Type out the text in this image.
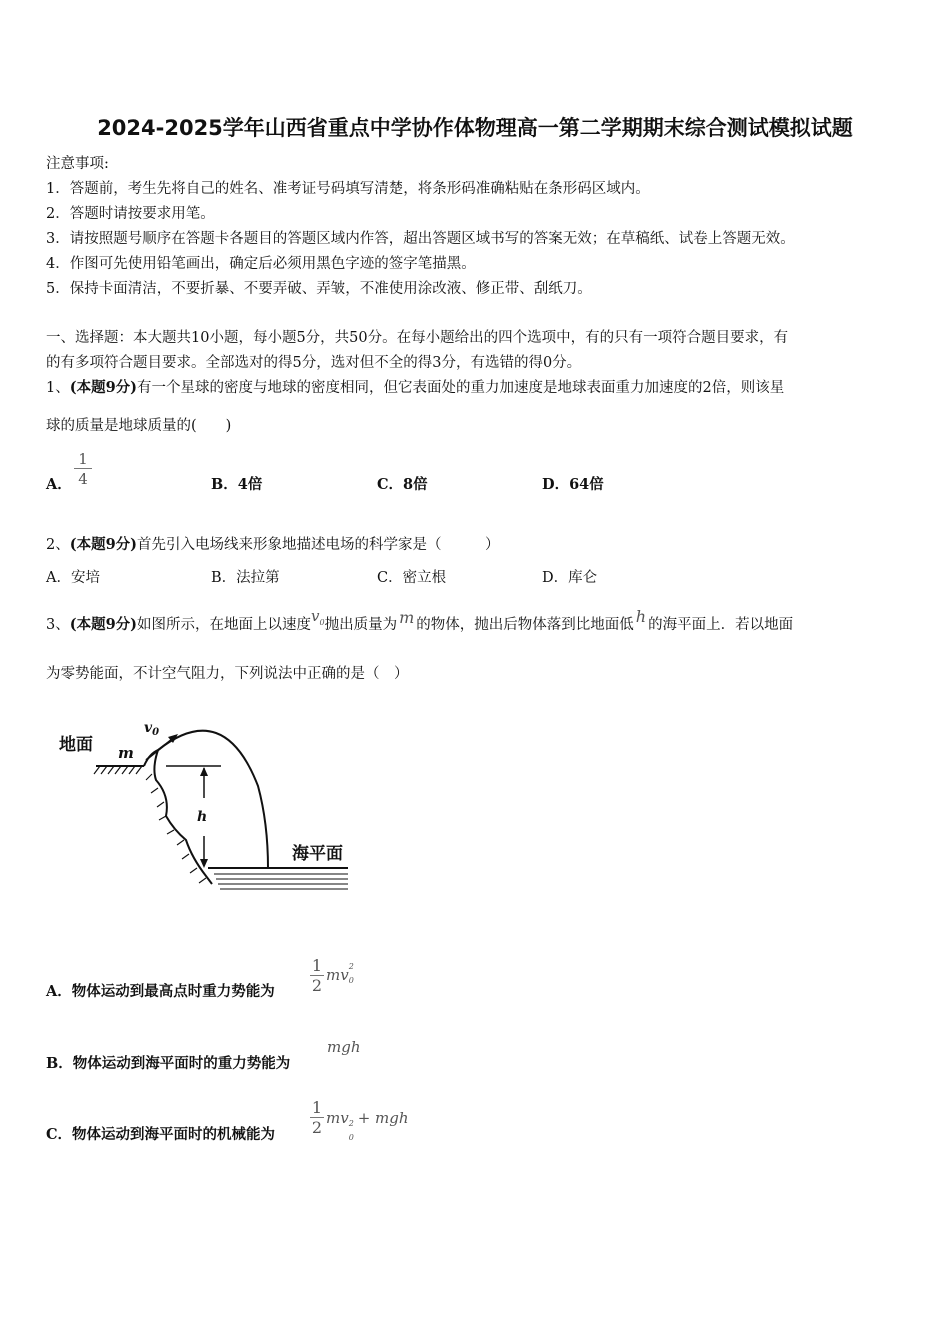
2024-2025学年山西省重点中学协作体物理高一第二学期期末综合测试模拟试题
注意事项:
1．答题前，考生先将自己的姓名、准考证号码填写清楚，将条形码准确粘贴在条形码区域内。
2．答题时请按要求用笔。
3．请按照题号顺序在答题卡各题目的答题区域内作答，超出答题区域书写的答案无效；在草稿纸、试卷上答题无效。
4．作图可先使用铅笔画出，确定后必须用黑色字迹的签字笔描黑。
5．保持卡面清洁，不要折暴、不要弄破、弄皱，不准使用涂改液、修正带、刮纸刀。
一、选择题：本大题共10小题，每小题5分，共50分。在每小题给出的四个选项中，有的只有一项符合题目要求，有
的有多项符合题目要求。全部选对的得5分，选对但不全的得3分，有选错的得0分。
1、(本题9分)有一个星球的密度与地球的密度相同，但它表面处的重力加速度是地球表面重力加速度的2倍，则该星
球的质量是地球质量的(　　)
A． $\frac{1}{4}$	B．4倍	C．8倍	D．64倍
2、(本题9分)首先引入电场线来形象地描述电场的科学家是（　　　）
A．安培	B．法拉第	C．密立根	D．库仑
3、(本题9分)如图所示，在地面上以速度$v_0$抛出质量为 m 的物体，抛出后物体落到比地面低 h 的海平面上．若以地面
为零势能面，不计空气阻力，下列说法中正确的是（　）
地面 m
$v_0$
h
海平面
A．物体运动到最高点时重力势能为 $\frac{1}{2}$ mv 2
0
B．物体运动到海平面时的重力势能为
mgh
C．物体运动到海平面时的机械能为 $\frac{1}{2}$ mv 2
0
+ mgh
